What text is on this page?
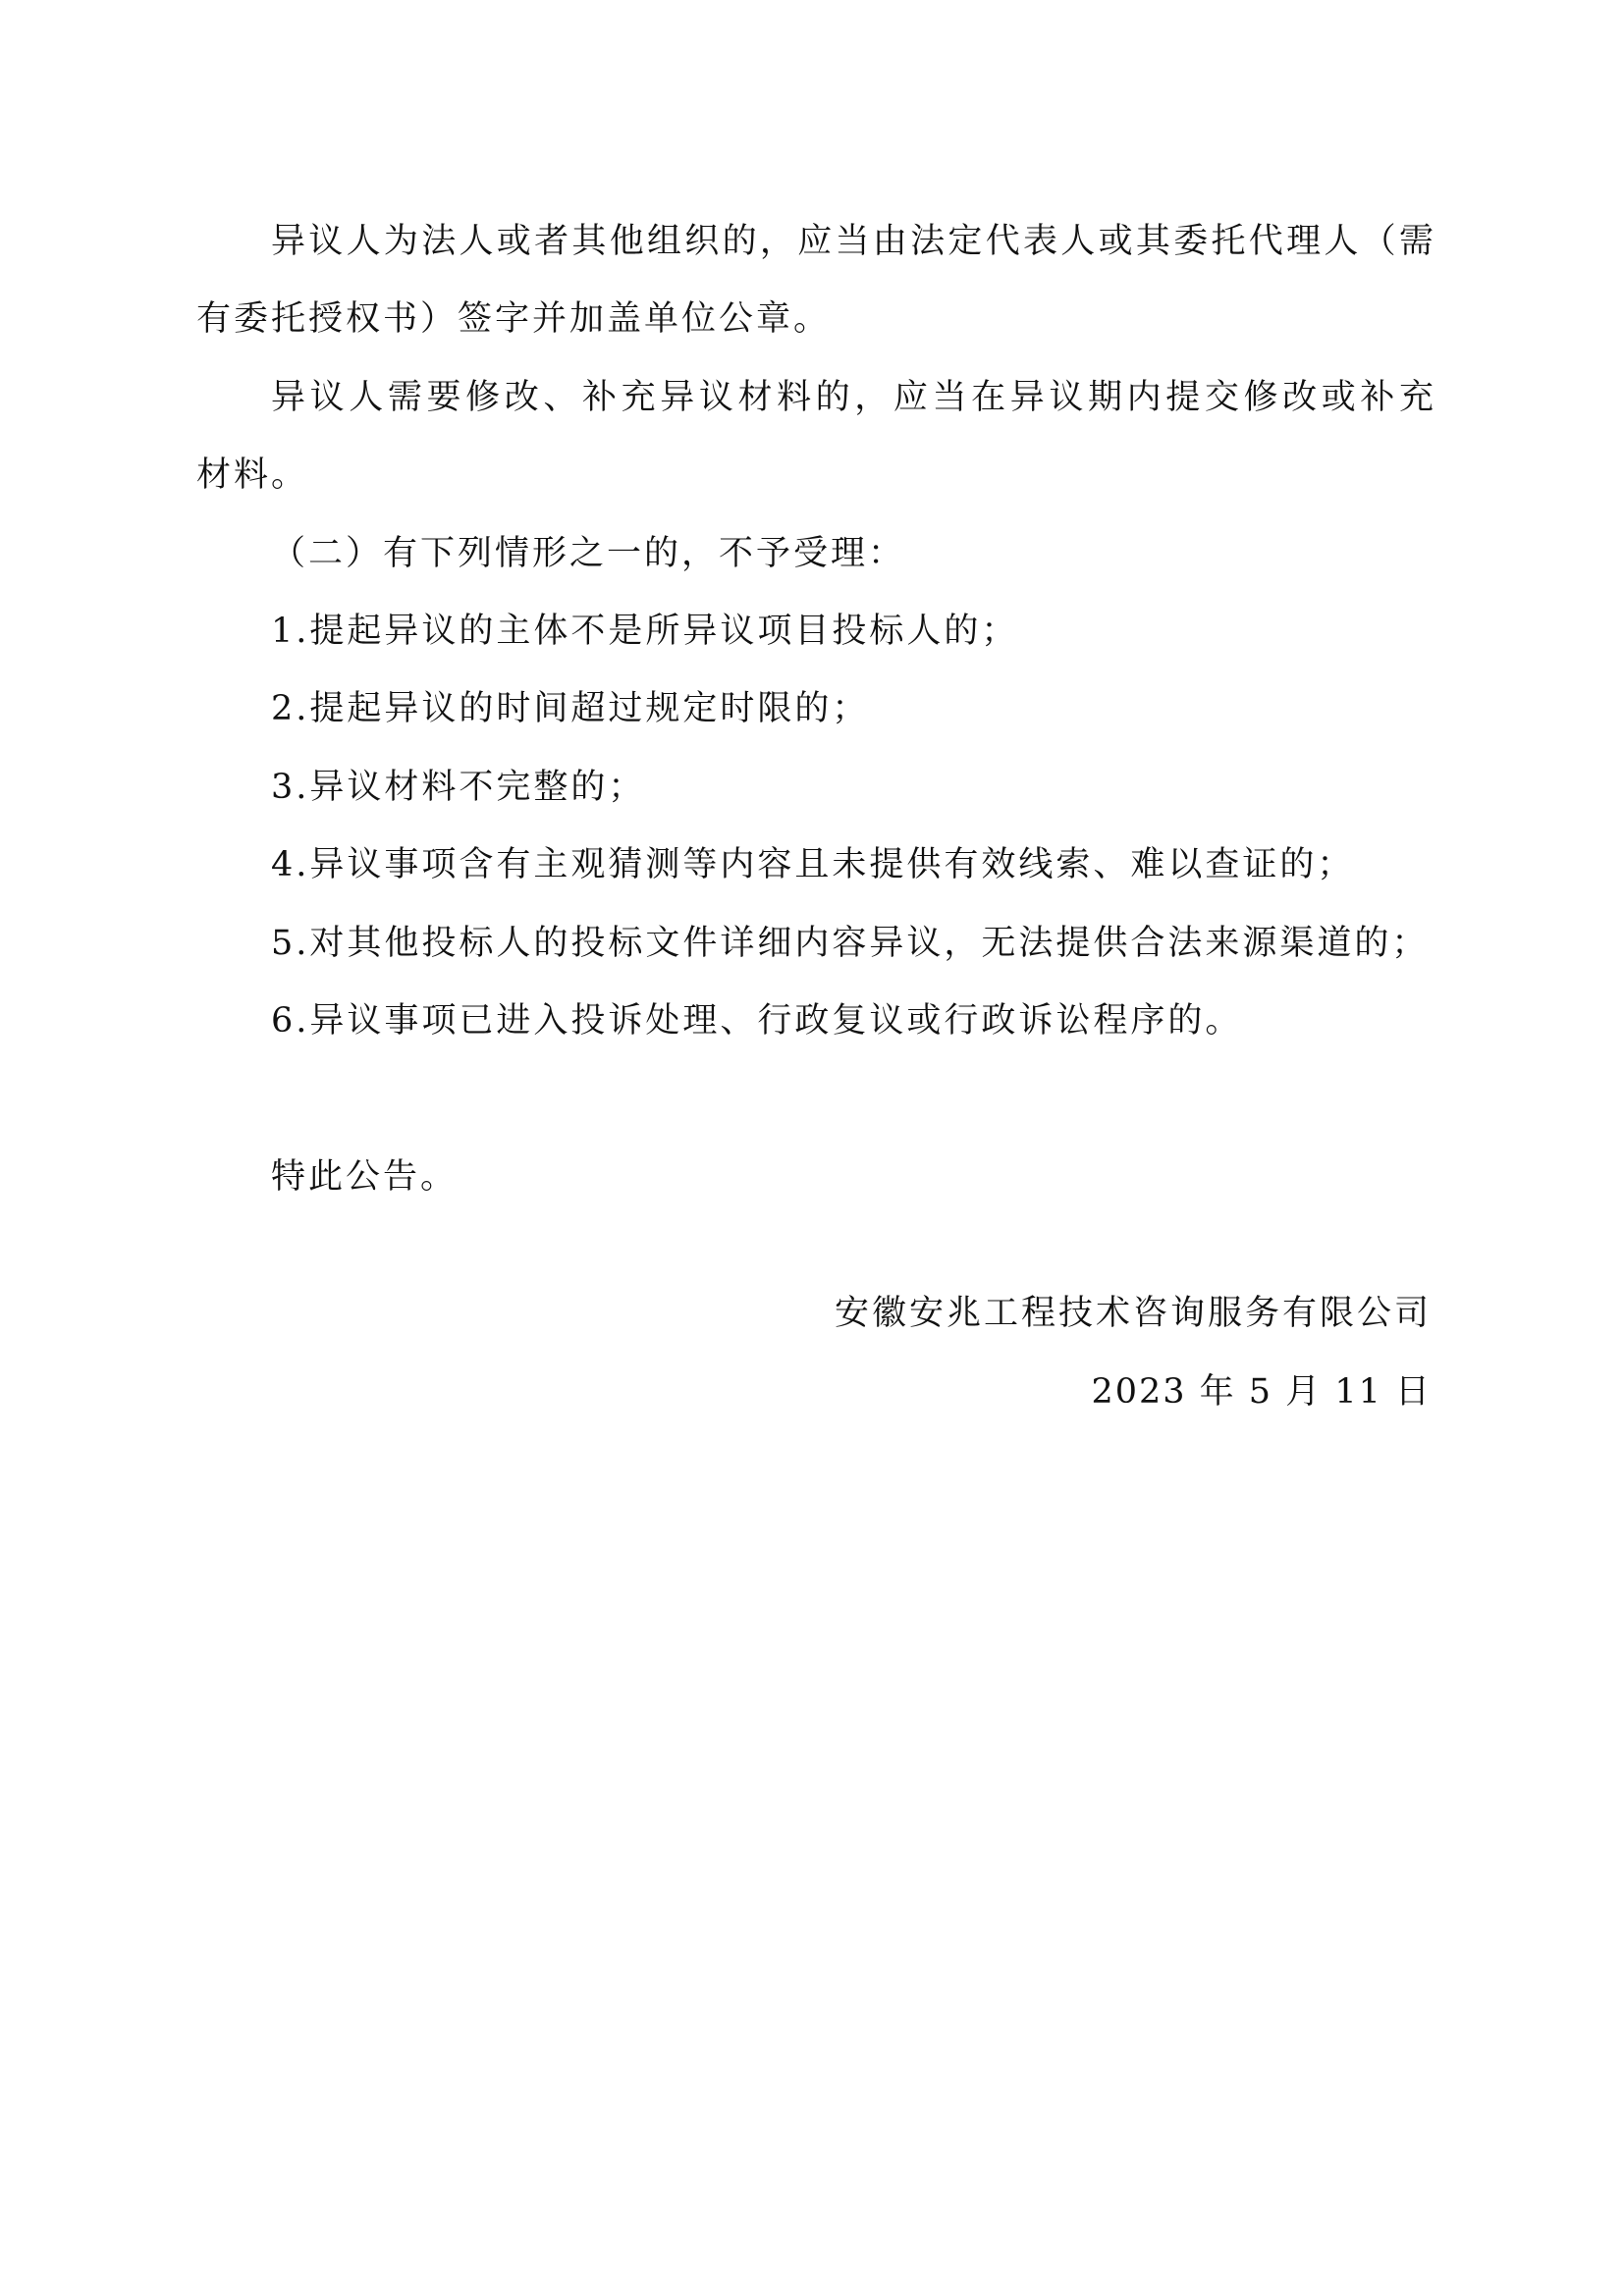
异议人为法人或者其他组织的，应当由法定代表人或其委托代理人（需
有委托授权书）签字并加盖单位公章。
异议人需要修改、补充异议材料的，应当在异议期内提交修改或补充
材料。
（二）有下列情形之一的，不予受理：
1.提起异议的主体不是所异议项目投标人的；
2.提起异议的时间超过规定时限的；
3.异议材料不完整的；
4.异议事项含有主观猜测等内容且未提供有效线索、难以查证的；
5.对其他投标人的投标文件详细内容异议，无法提供合法来源渠道的；
6.异议事项已进入投诉处理、行政复议或行政诉讼程序的。
特此公告。
安徽安兆工程技术咨询服务有限公司
2023 年 5 月 11 日
